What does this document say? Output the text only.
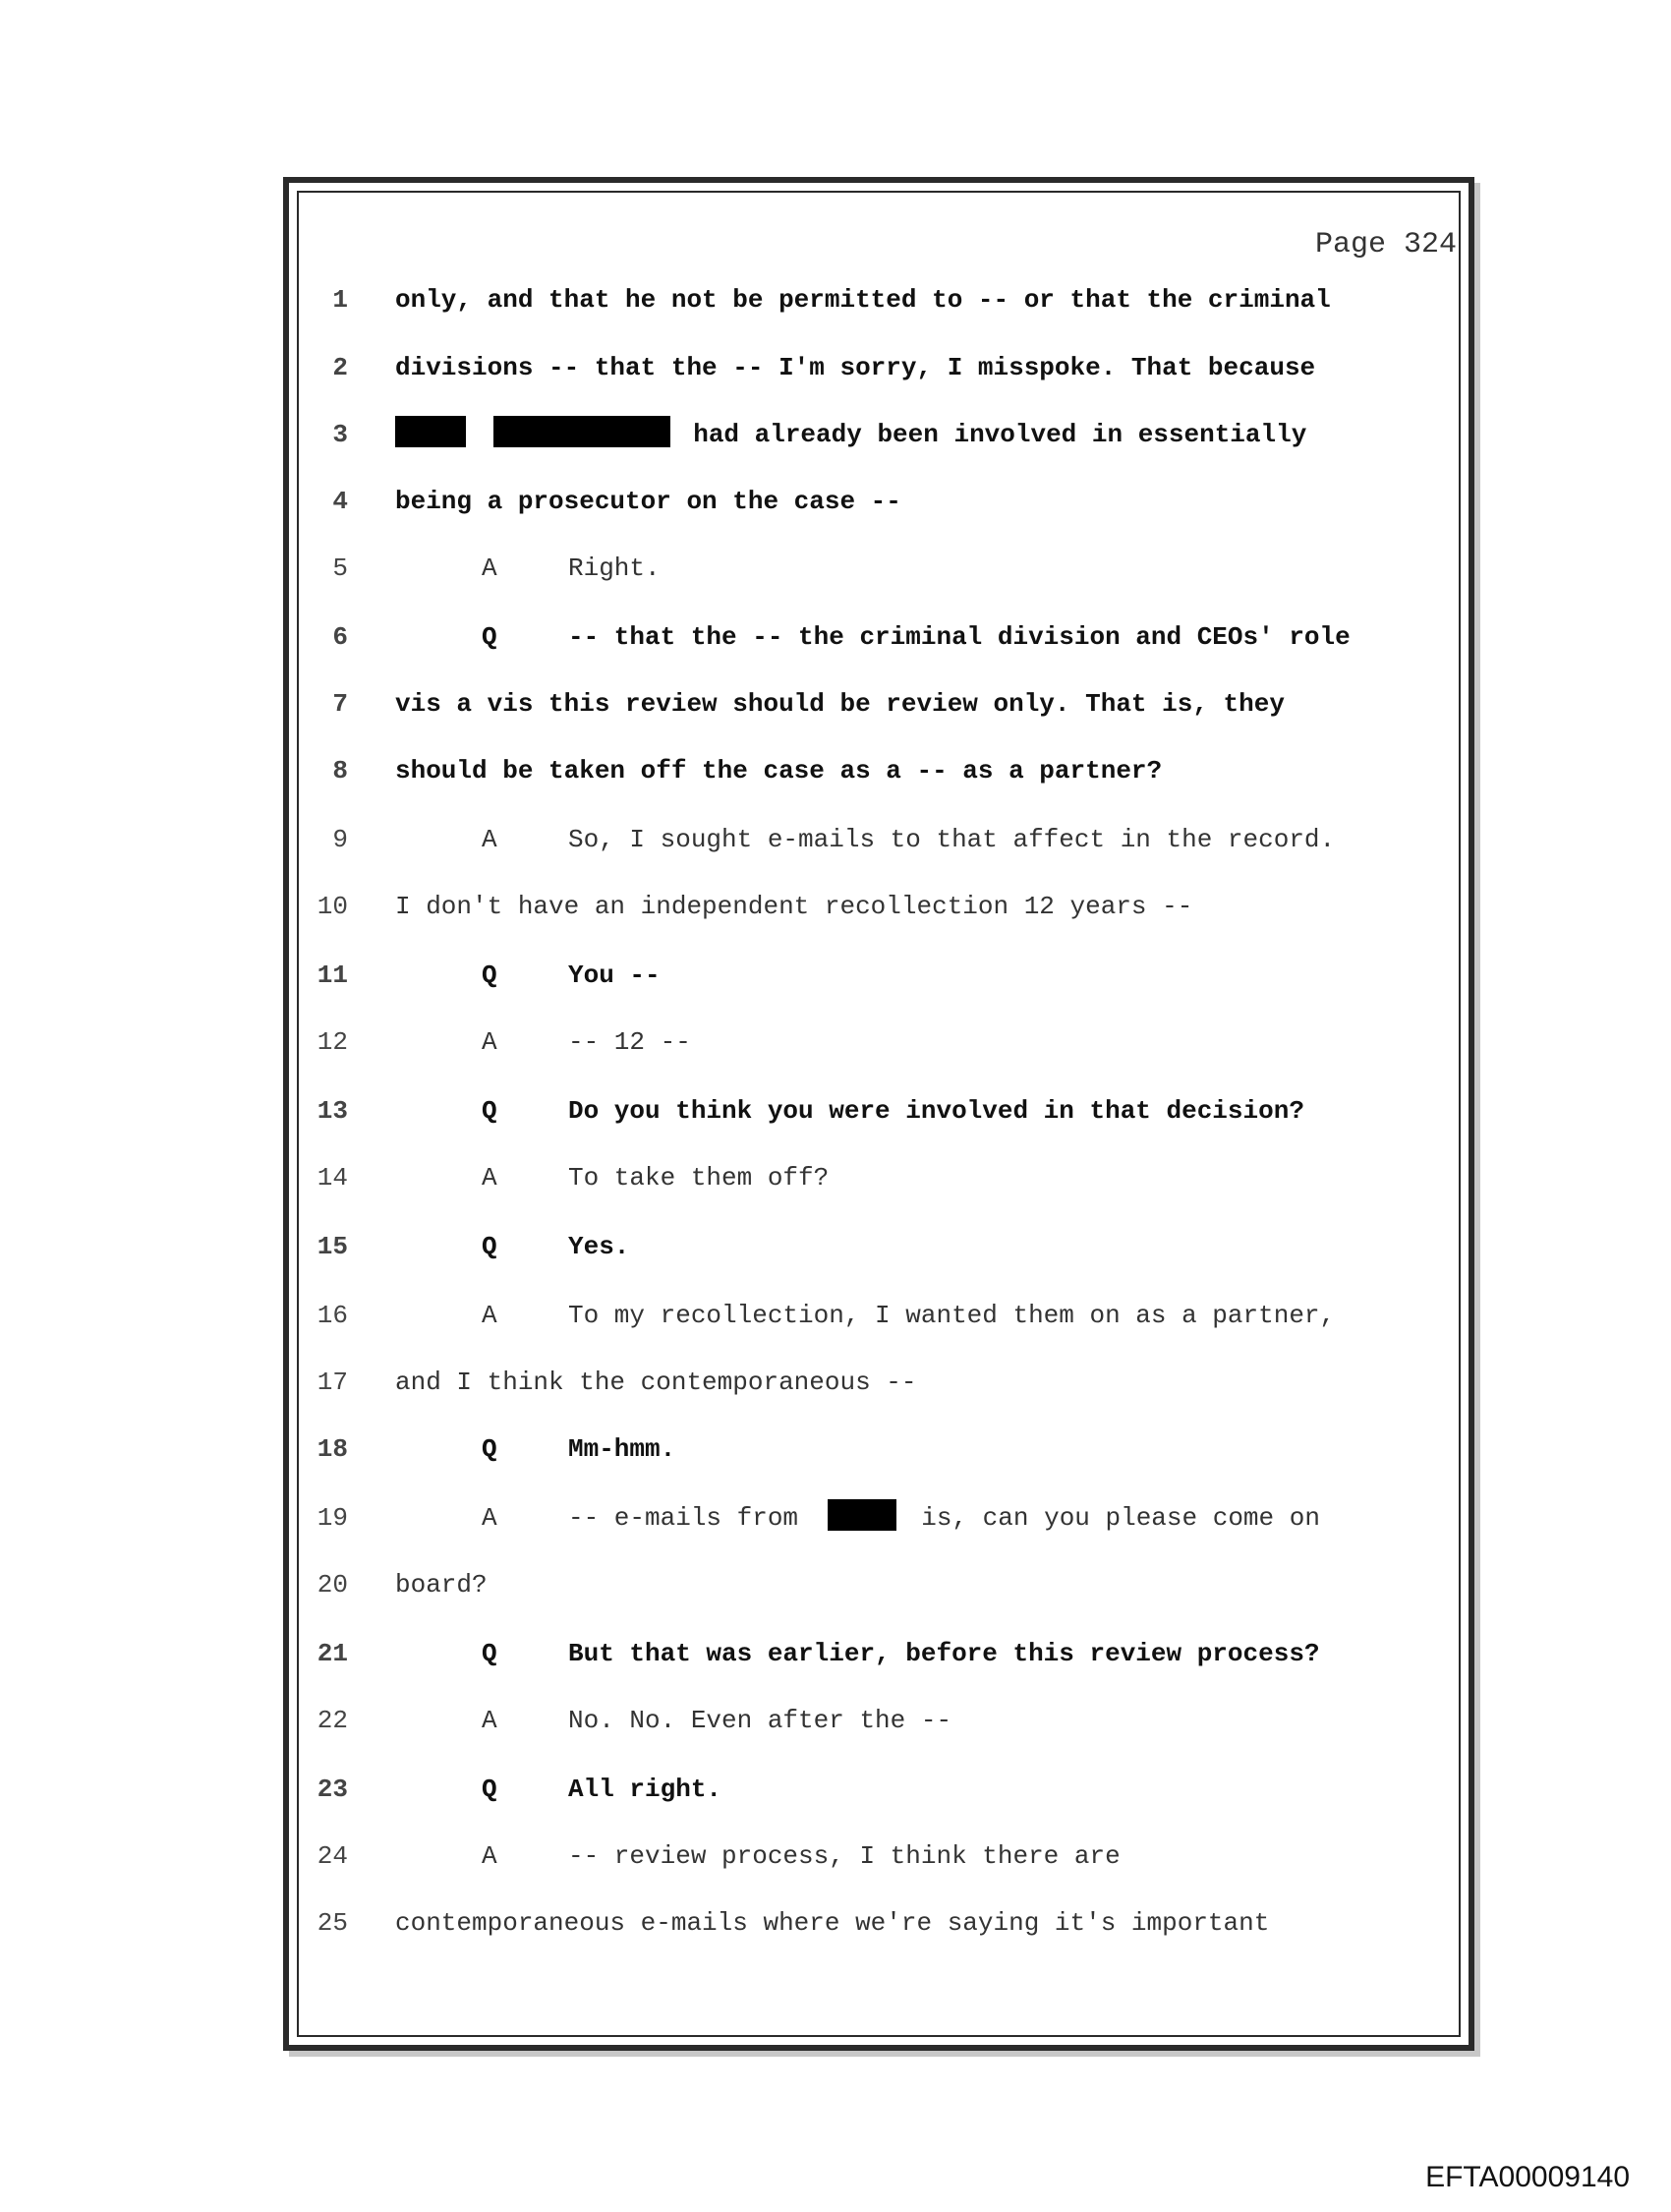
Page 324
1 only, and that he not be permitted to -- or that the criminal
2 divisions -- that the -- I'm sorry, I misspoke. That because
3	had already been involved in essentially
4 being a prosecutor on the case --
5	A	Right.
6	Q	-- that the -- the criminal division and CEOs' role
7 vis a vis this review should be review only. That is, they
8 should be taken off the case as a -- as a partner?
9	A	So, I sought e-mails to that affect in the record.
10 I don't have an independent recollection 12 years --
11	Q	You --
12	A	-- 12 --
13	Q	Do you think you were involved in that decision?
14	A	To take them off?
15	Q	Yes.
16	A	To my recollection, I wanted them on as a partner,
17 and I think the contemporaneous --
18	Q	Mm-hmm.
19	A	-- e-mails from	is, can you please come on
20 board?
21	Q	But that was earlier, before this review process?
22	A	No. No. Even after the --
23	Q	All right.
24	A	-- review process, I think there are
25 contemporaneous e-mails where we're saying it's important
EFTA00009140
